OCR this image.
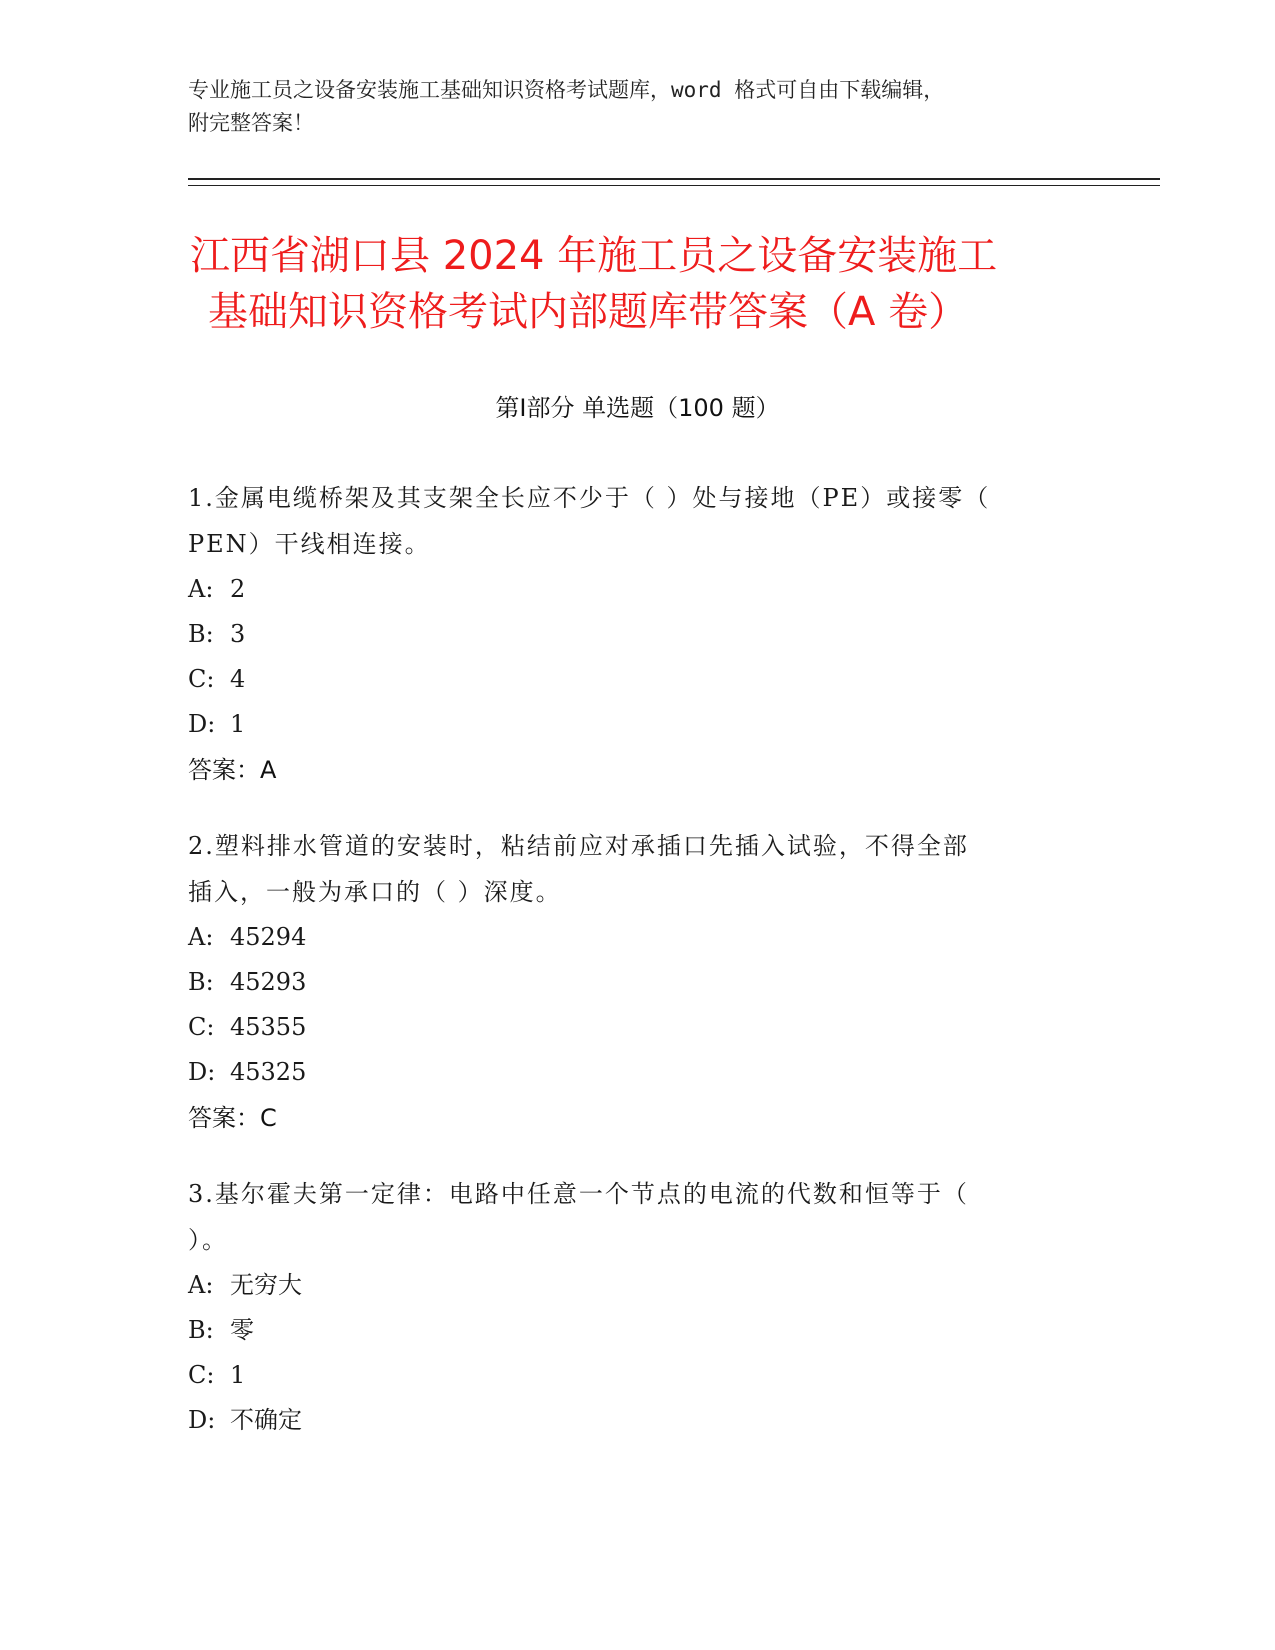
专业施工员之设备安装施工基础知识资格考试题库，word 格式可自由下载编辑，
附完整答案！
江西省湖口县 2024 年施工员之设备安装施工
基础知识资格考试内部题库带答案（A 卷）
第Ⅰ部分 单选题（100 题）
1.金属电缆桥架及其支架全长应不少于（ ）处与接地（PE）或接零（
PEN）干线相连接。
A: 2
B: 3
C: 4
D: 1
答案：A
2.塑料排水管道的安装时，粘结前应对承插口先插入试验，不得全部
插入，一般为承口的（ ）深度。
A: 45294
B: 45293
C: 45355
D: 45325
答案：C
3.基尔霍夫第一定律：电路中任意一个节点的电流的代数和恒等于（
）。
A: 无穷大
B: 零
C: 1
D: 不确定
